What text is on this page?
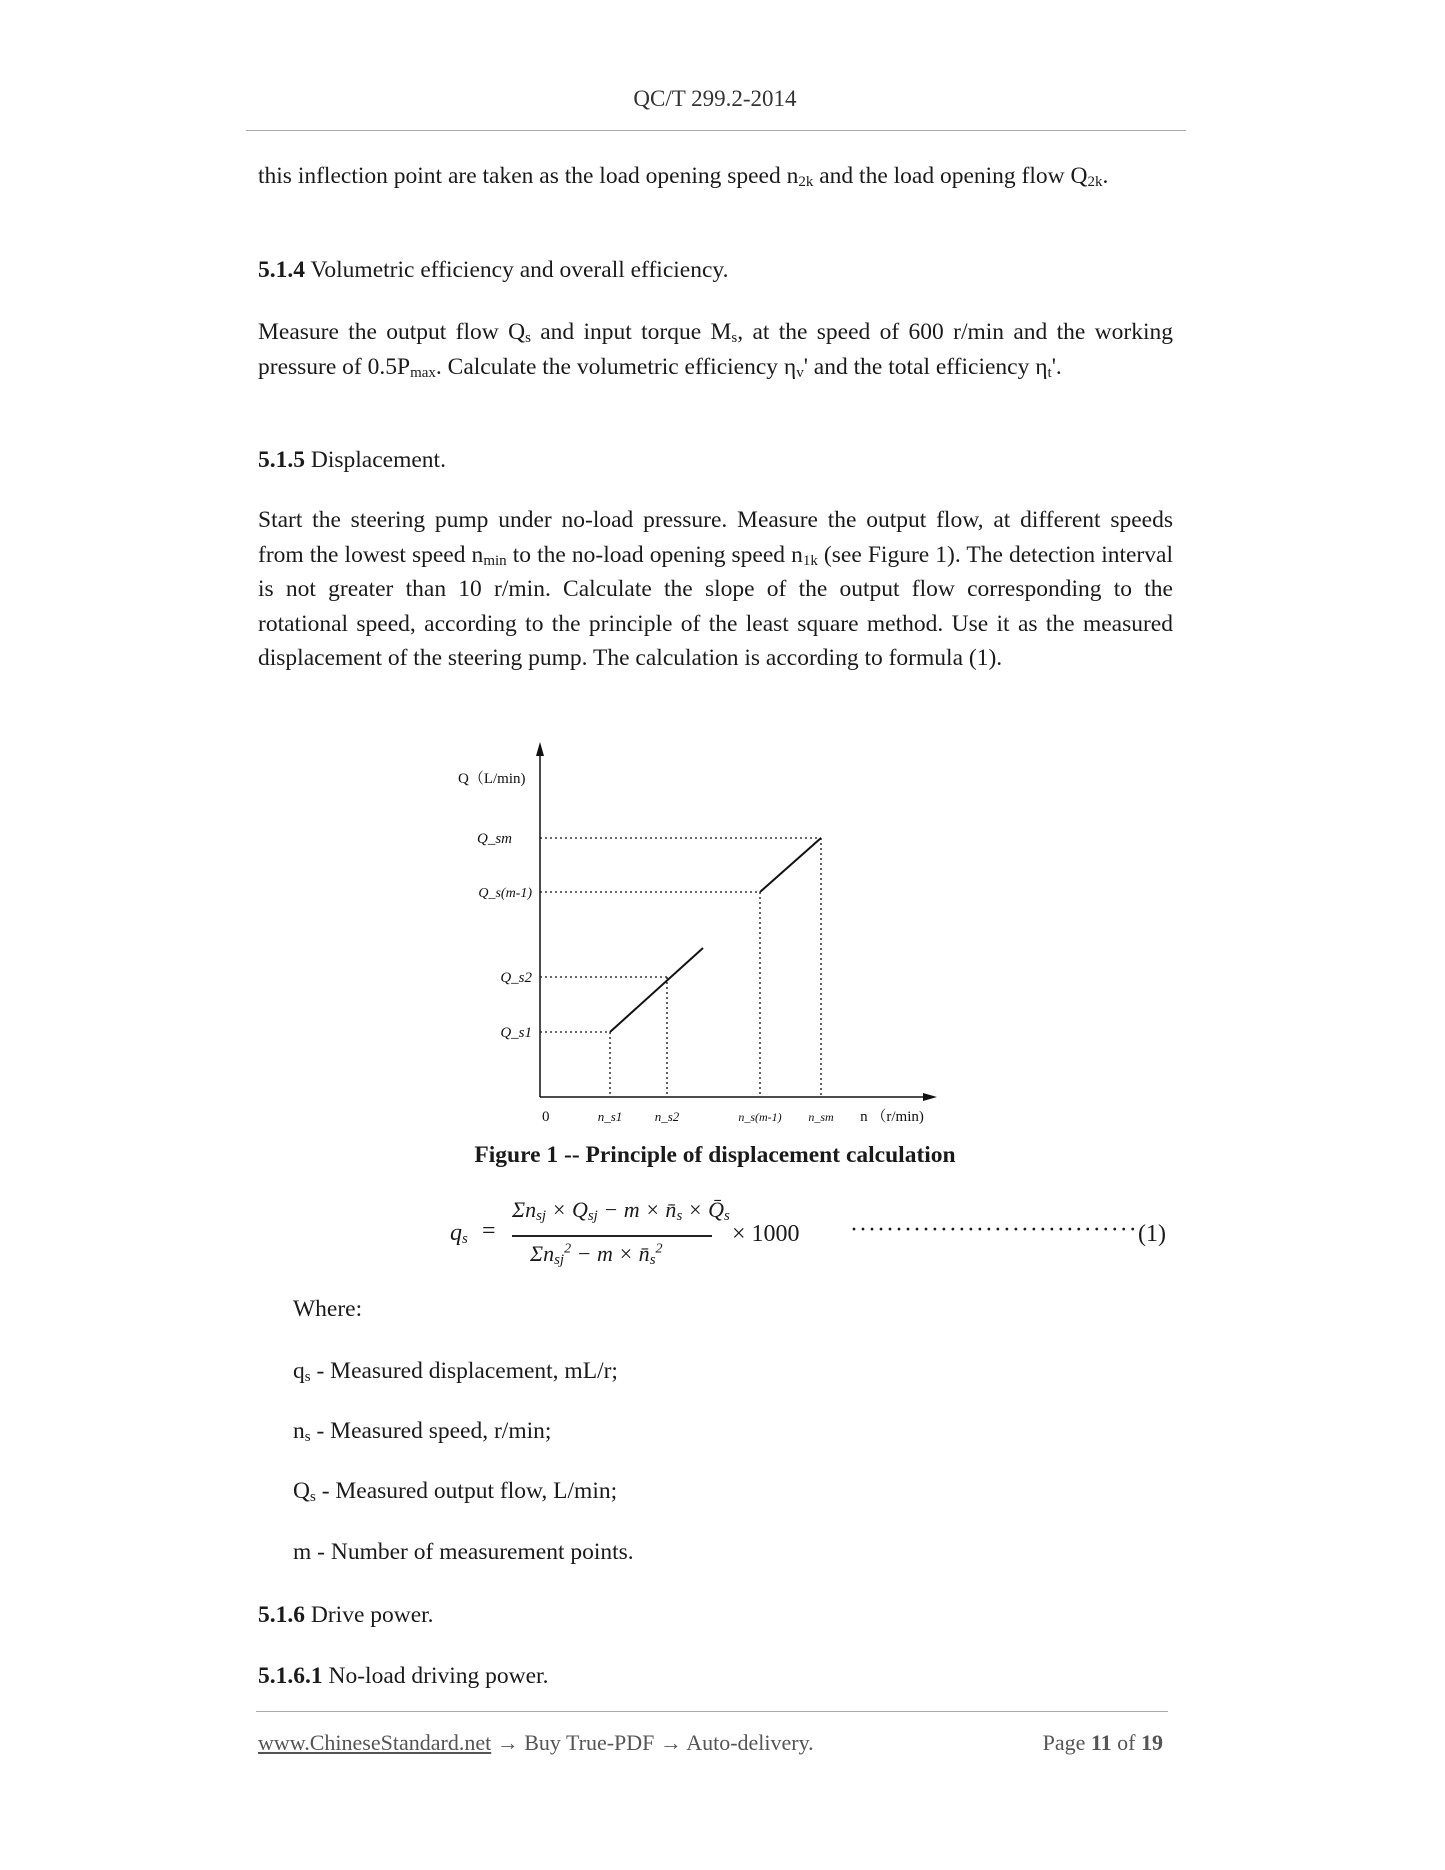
QC/T 299.2-2014
this inflection point are taken as the load opening speed $n_{2k}$ and the load opening flow $Q_{2k}$.
5.1.4 Volumetric efficiency and overall efficiency.
Measure the output flow $Q_s$ and input torque $M_s$, at the speed of 600 r/min and the working pressure of $0.5P_{max}$. Calculate the volumetric efficiency $\eta_v'$ and the total efficiency $\eta_t'$.
5.1.5 Displacement.
Start the steering pump under no-load pressure. Measure the output flow, at different speeds from the lowest speed $n_{min}$ to the no-load opening speed $n_{1k}$ (see Figure 1). The detection interval is not greater than 10 r/min. Calculate the slope of the output flow corresponding to the rotational speed, according to the principle of the least square method. Use it as the measured displacement of the steering pump. The calculation is according to formula (1).
Q（L/min)
Q_sm
Q_s(m-1)
Q_s2
Q_s1
0	n_s1 n_s2	n_s(m-1) n_sm n （r/min)
Figure 1 -- Principle of displacement calculation
$q_s$ =
$\Sigma n_{sj} \times Q_{sj} - m$ × $n̄_s$ × $Q̄_s$
$\Sigma n_{sj}^2 - m$ × $n̄_s^2$
× 1000 ································ (1)
Where:
$q_s$ - Measured displacement, mL/r;
$n_s$ - Measured speed, r/min;
$Q_s$ - Measured output flow, L/min;
m - Number of measurement points.
5.1.6 Drive power.
5.1.6.1 No-load driving power.
www.ChineseStandard.net → Buy True-PDF → Auto-delivery.	Page 11 of 19
